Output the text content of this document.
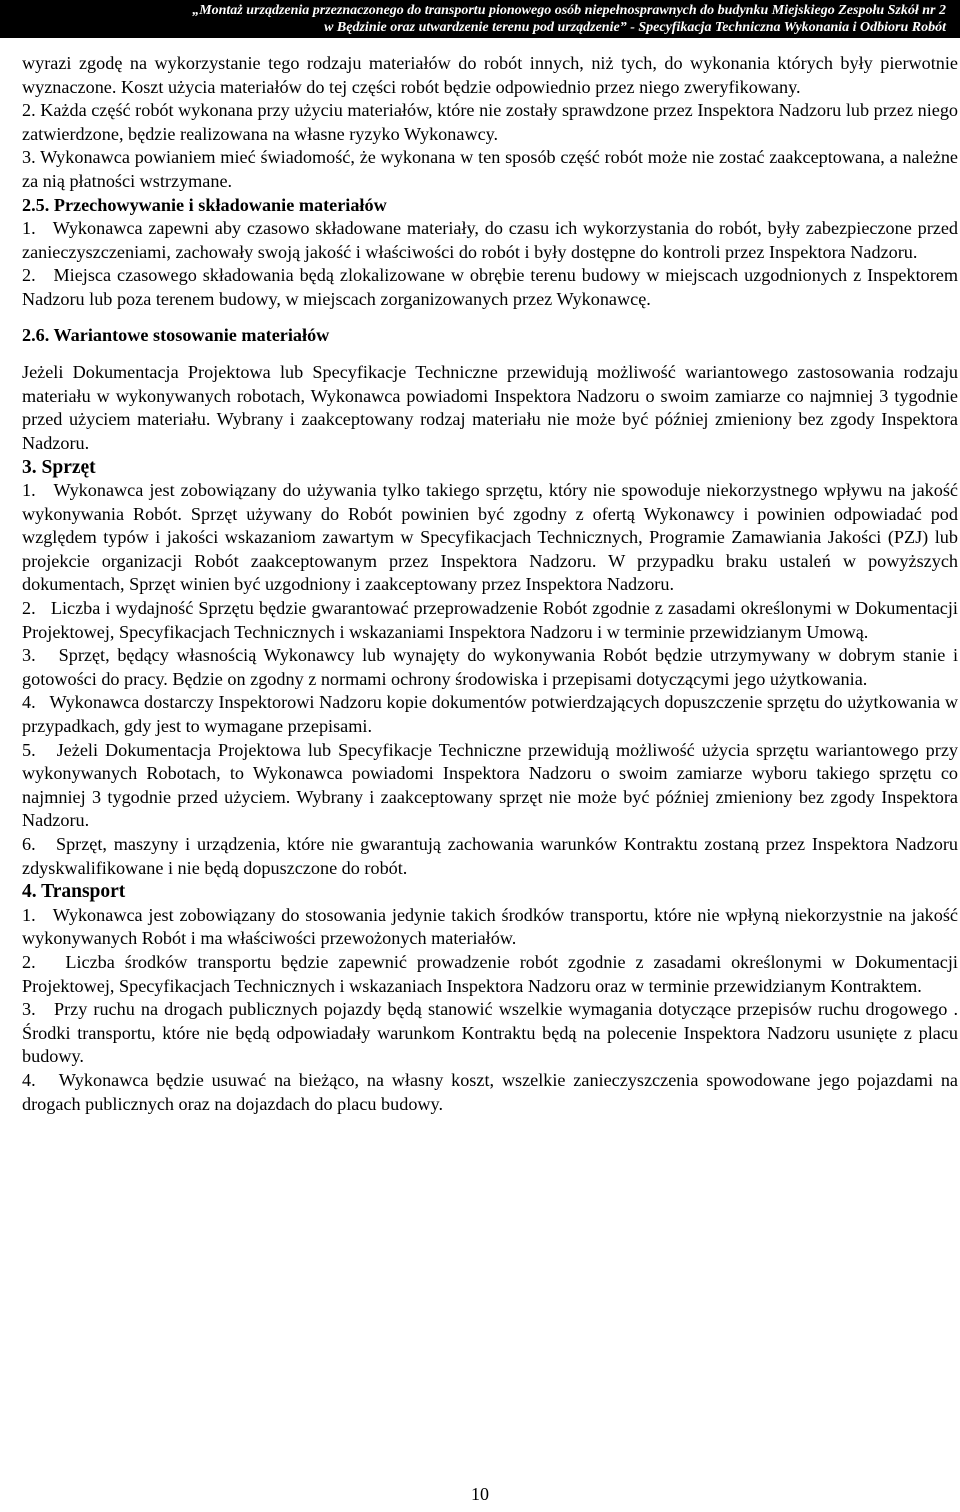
„Montaż urządzenia przeznaczonego do transportu pionowego osób niepełnosprawnych do budynku Miejskiego Zespołu Szkół nr 2
w Będzinie oraz utwardzenie terenu pod urządzenie” - Specyfikacja Techniczna Wykonania i Odbioru Robót

wyrazi zgodę na wykorzystanie tego rodzaju materiałów do robót innych, niż tych, do wykonania których były pierwotnie wyznaczone. Koszt użycia materiałów do tej części robót będzie odpowiednio przez niego zweryfikowany.

2. Każda część robót wykonana przy użyciu materiałów, które nie zostały sprawdzone przez Inspektora Nadzoru lub przez niego zatwierdzone, będzie realizowana na własne ryzyko Wykonawcy.

3. Wykonawca powianiem mieć świadomość, że wykonana w ten sposób część robót może nie zostać zaakceptowana, a należne za nią płatności wstrzymane.

2.5. Przechowywanie i składowanie materiałów

1. Wykonawca zapewni aby czasowo składowane materiały, do czasu ich wykorzystania do robót, były zabezpieczone przed zanieczyszczeniami, zachowały swoją jakość i właściwości do robót i były dostępne do kontroli przez Inspektora Nadzoru.

2. Miejsca czasowego składowania będą zlokalizowane w obrębie terenu budowy w miejscach uzgodnionych z Inspektorem Nadzoru lub poza terenem budowy, w miejscach zorganizowanych przez Wykonawcę.

2.6. Wariantowe stosowanie materiałów

Jeżeli Dokumentacja Projektowa lub Specyfikacje Techniczne przewidują możliwość wariantowego zastosowania rodzaju materiału w wykonywanych robotach, Wykonawca powiadomi Inspektora Nadzoru o swoim zamiarze co najmniej 3 tygodnie przed użyciem materiału. Wybrany i zaakceptowany rodzaj materiału nie może być później zmieniony bez zgody Inspektora Nadzoru.

3. Sprzęt

1. Wykonawca jest zobowiązany do używania tylko takiego sprzętu, który nie spowoduje niekorzystnego wpływu na jakość wykonywania Robót. Sprzęt używany do Robót powinien być zgodny z ofertą Wykonawcy i powinien odpowiadać pod względem typów i jakości wskazaniom zawartym w Specyfikacjach Technicznych, Programie Zamawiania Jakości (PZJ) lub projekcie organizacji Robót zaakceptowanym przez Inspektora Nadzoru. W przypadku braku ustaleń w powyższych dokumentach, Sprzęt winien być uzgodniony i zaakceptowany przez Inspektora Nadzoru.

2. Liczba i wydajność Sprzętu będzie gwarantować przeprowadzenie Robót zgodnie z zasadami określonymi w Dokumentacji Projektowej, Specyfikacjach Technicznych i wskazaniami Inspektora Nadzoru i w terminie przewidzianym Umową.

3. Sprzęt, będący własnością Wykonawcy lub wynajęty do wykonywania Robót będzie utrzymywany w dobrym stanie i gotowości do pracy. Będzie on zgodny z normami ochrony środowiska i przepisami dotyczącymi jego użytkowania.

4. Wykonawca dostarczy Inspektorowi Nadzoru kopie dokumentów potwierdzających dopuszczenie sprzętu do użytkowania w przypadkach, gdy jest to wymagane przepisami.

5. Jeżeli Dokumentacja Projektowa lub Specyfikacje Techniczne przewidują możliwość użycia sprzętu wariantowego przy wykonywanych Robotach, to Wykonawca powiadomi Inspektora Nadzoru o swoim zamiarze wyboru takiego sprzętu co najmniej 3 tygodnie przed użyciem. Wybrany i zaakceptowany sprzęt nie może być później zmieniony bez zgody Inspektora Nadzoru.

6. Sprzęt, maszyny i urządzenia, które nie gwarantują zachowania warunków Kontraktu zostaną przez Inspektora Nadzoru zdyskwalifikowane i nie będą dopuszczone do robót.

4. Transport

1. Wykonawca jest zobowiązany do stosowania jedynie takich środków transportu, które nie wpłyną niekorzystnie na jakość wykonywanych Robót i ma właściwości przewożonych materiałów.

2. Liczba środków transportu będzie zapewnić prowadzenie robót zgodnie z zasadami określonymi w Dokumentacji Projektowej, Specyfikacjach Technicznych i wskazaniach Inspektora Nadzoru oraz w terminie przewidzianym Kontraktem.

3. Przy ruchu na drogach publicznych pojazdy będą stanowić wszelkie wymagania dotyczące przepisów ruchu drogowego . Środki transportu, które nie będą odpowiadały warunkom Kontraktu będą na polecenie Inspektora Nadzoru usunięte z placu budowy.

4. Wykonawca będzie usuwać na bieżąco, na własny koszt, wszelkie zanieczyszczenia spowodowane jego pojazdami na drogach publicznych oraz na dojazdach do placu budowy.

10
